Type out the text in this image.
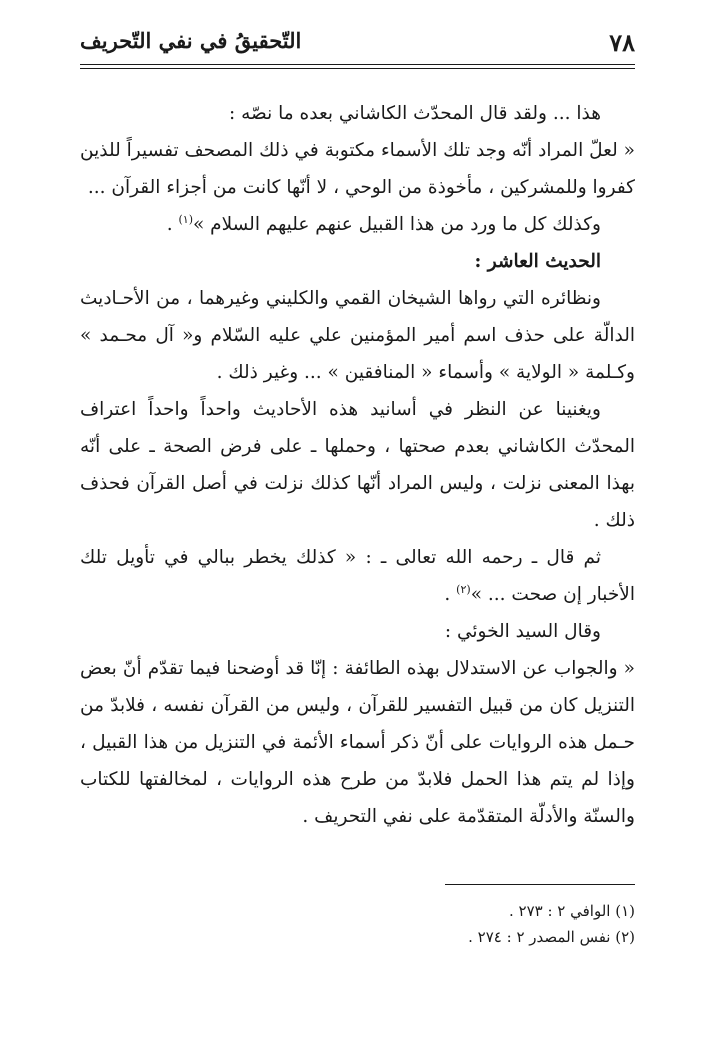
٧٨
التّحقيقُ في نفي التّحريف

هذا ... ولقد قال المحدّث الكاشاني بعده ما نصّه :

« لعلّ المراد أنّه وجد تلك الأسماء مكتوبة في ذلك المصحف تفسيراً للذين كفروا وللمشركين ، مأخوذة من الوحي ، لا أنّها كانت من أجزاء القرآن ...

وكذلك كل ما ورد من هذا القبيل عنهم عليهم السلام »$^{(١)}$ .

الحديث العاشر :

ونظائره التي رواها الشيخان القمي والكليني وغيرهما ، من الأحـاديث الدالّة على حذف اسم أمير المؤمنين علي عليه السّلام و« آل محـمد » وكـلمة « الولاية » وأسماء « المنافقين » ... وغير ذلك .

ويغنينا عن النظر في أسانيد هذه الأحاديث واحداً واحداً اعتراف المحدّث الكاشاني بعدم صحتها ، وحملها ـ على فرض الصحة ـ على أنّه بهذا المعنى نزلت ، وليس المراد أنّها كذلك نزلت في أصل القرآن فحذف ذلك .

ثم قال ـ رحمه الله تعالى ـ : « كذلك يخطر ببالي في تأويل تلك الأخبار إن صحت ... »$^{(٢)}$ .

وقال السيد الخوئي :

« والجواب عن الاستدلال بهذه الطائفة : إنّا قد أوضحنا فيما تقدّم أنّ بعض التنزيل كان من قبيل التفسير للقرآن ، وليس من القرآن نفسه ، فلابدّ من حـمل هذه الروايات على أنّ ذكر أسماء الأئمة في التنزيل من هذا القبيل ، وإذا لم يتم هذا الحمل فلابدّ من طرح هذه الروايات ، لمخالفتها للكتاب والسنّة والأدلّة المتقدّمة على نفي التحريف .

(١) الوافي ٢ : ٢٧٣ .

(٢) نفس المصدر ٢ : ٢٧٤ .
